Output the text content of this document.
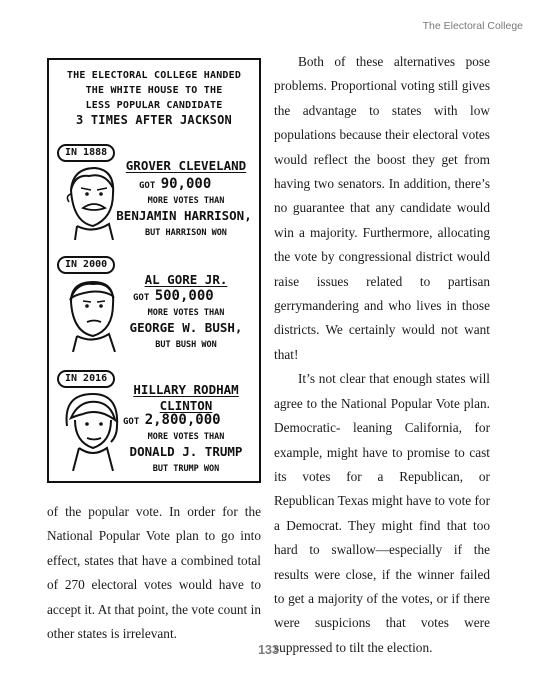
The Electoral College
THE ELECTORAL COLLEGE HANDED
THE WHITE HOUSE TO THE
LESS POPULAR CANDIDATE
3 TIMES AFTER JACKSON
IN 1888
GROVER CLEVELAND
GOT 90,000
MORE VOTES THAN
BENJAMIN HARRISON,
BUT HARRISON WON
IN 2000
AL GORE JR.
GOT 500,000
MORE VOTES THAN
GEORGE W. BUSH,
BUT BUSH WON
IN 2016
HILLARY RODHAM
CLINTON
GOT 2,800,000
MORE VOTES THAN
DONALD J. TRUMP
BUT TRUMP WON

Both of these alternatives pose problems. Proportional voting still gives the advantage to states with low populations because their electoral votes would reflect the boost they get from having two senators. In addition, there’s no guarantee that any candidate would win a majority. Furthermore, allocating the vote by congressional district would raise issues related to partisan gerrymandering and who lives in those districts. We certainly would not want that!

It’s not clear that enough states will agree to the National Popular Vote plan. Democratic- leaning California, for example, might have to promise to cast its votes for a Republican, or Republican Texas might have to vote for a Democrat. They might find that too hard to swallow—especially if the results were close, if the winner failed to get a majority of the votes, or if there were suspicions that votes were suppressed to tilt the election.

of the popular vote. In order for the National Popular Vote plan to go into effect, states that have a combined total of 270 electoral votes would have to accept it. At that point, the vote count in other states is irrelevant.

133
